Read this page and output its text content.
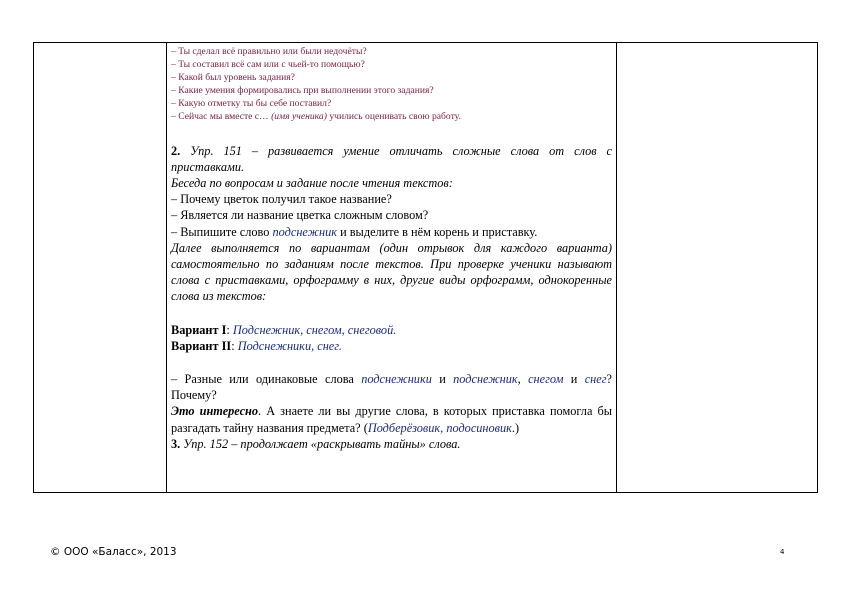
– Ты сделал всё правильно или были недочёты?
– Ты составил всё сам или с чьей-то помощью?
– Какой был уровень задания?
– Какие умения формировались при выполнении этого задания?
– Какую отметку ты бы себе поставил?
– Сейчас мы вместе с… (имя ученика) учились оценивать свою работу.

2. Упр. 151 – развивается умение отличать сложные слова от слов с приставками.

Беседа по вопросам и задание после чтения текстов:

– Почему цветок получил такое название?

– Является ли название цветка сложным словом?

– Выпишите слово подснежник и выделите в нём корень и приставку.

Далее выполняется по вариантам (один отрывок для каждого варианта) самостоятельно по заданиям после текстов. При проверке ученики называют слова с приставками, орфограмму в них, другие виды орфограмм, однокоренные слова из текстов:

Вариант I: Подснежник, снегом, снеговой.

Вариант II: Подснежники, снег.

– Разные или одинаковые слова подснежники и подснежник, снегом и снег? Почему?

Это интересно. А знаете ли вы другие слова, в которых приставка помогла бы разгадать тайну названия предмета? (Подберёзовик, подосиновик.)

3. Упр. 152 – продолжает «раскрывать тайны» слова.

© ООО «Баласс», 2013	4
